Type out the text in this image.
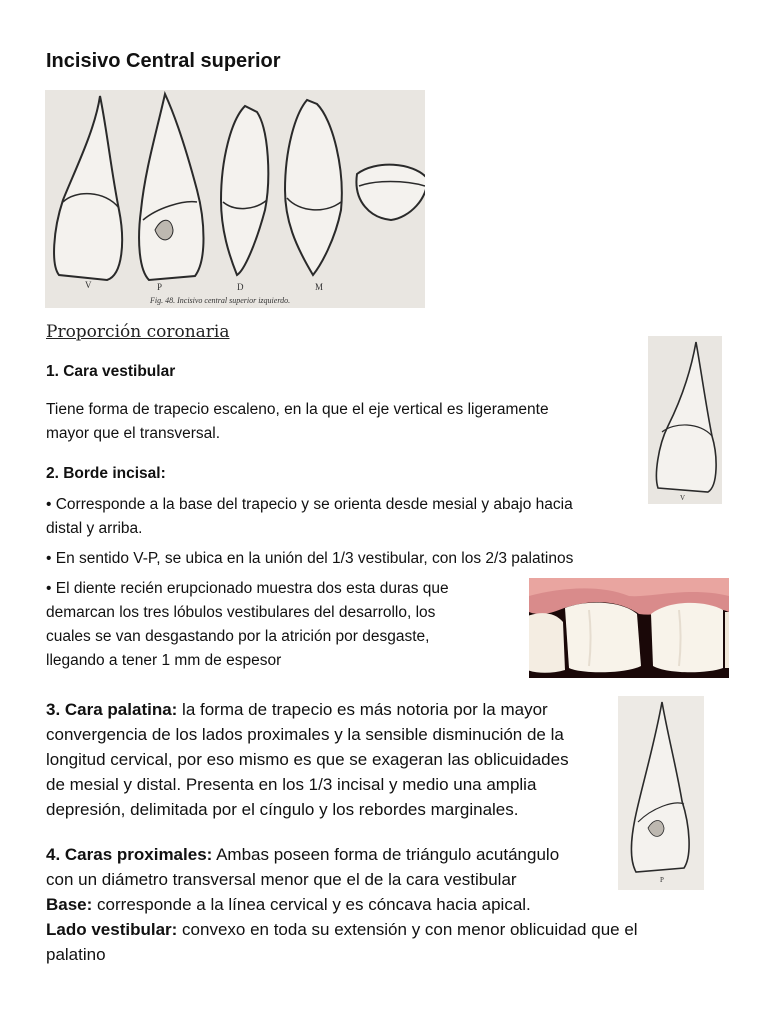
Incisivo Central superior
V	P	D	M
Fig. 48. Incisivo central superior izquierdo.
Proporción coronaria
1. Cara vestibular
Tiene forma de trapecio escaleno, en la que el eje vertical es ligeramente
mayor que el transversal.
V
2. Borde incisal:
• Corresponde a la base del trapecio y se orienta desde mesial y abajo hacia
distal y arriba.
• En sentido V-P, se ubica en la unión del 1/3 vestibular, con los 2/3 palatinos
• El diente recién erupcionado muestra dos esta duras que
demarcan los tres lóbulos vestibulares del desarrollo, los
cuales se van desgastando por la atrición por desgaste,
llegando a tener 1 mm de espesor
P
3. Cara palatina: la forma de trapecio es más notoria por la mayor
convergencia de los lados proximales y la sensible disminución de la
longitud cervical, por eso mismo es que se exageran las oblicuidades
de mesial y distal. Presenta en los 1/3 incisal y medio una amplia
depresión, delimitada por el cíngulo y los rebordes marginales.
4. Caras proximales: Ambas poseen forma de triángulo acutángulo
con un diámetro transversal menor que el de la cara vestibular
Base: corresponde a la línea cervical y es cóncava hacia apical.
Lado vestibular: convexo en toda su extensión y con menor oblicuidad que el
palatino
